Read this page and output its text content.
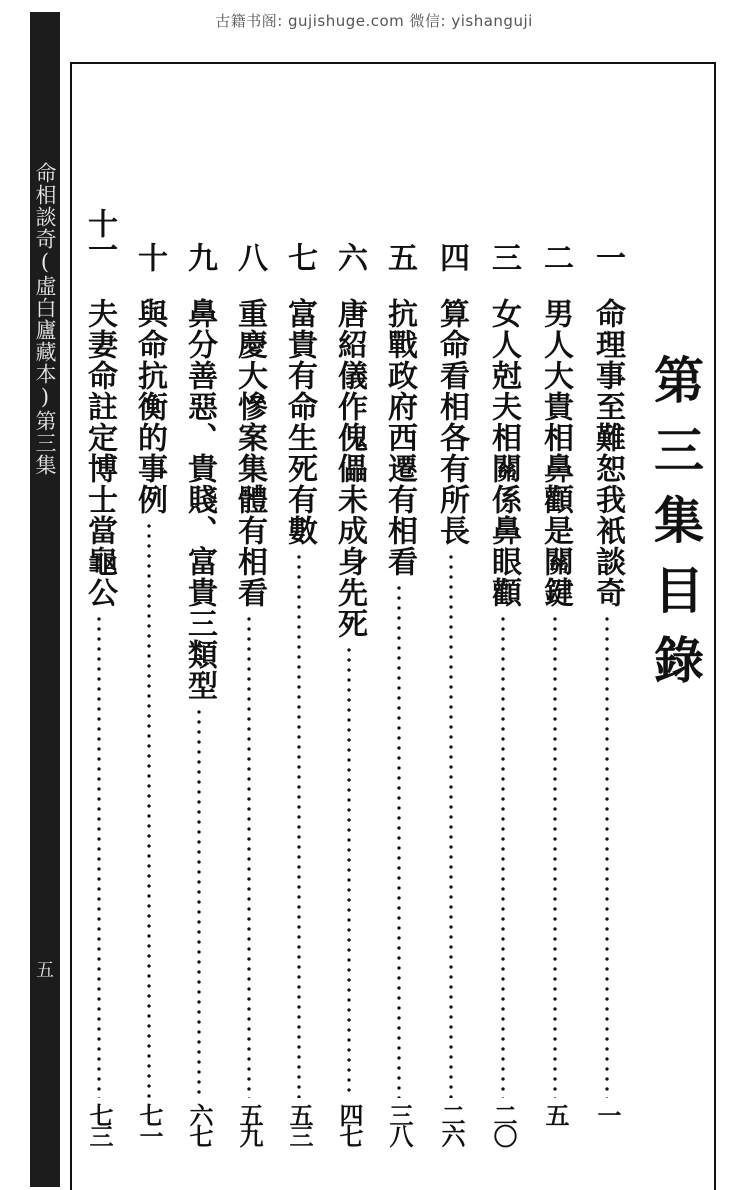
古籍书阁: gujishuge.com 微信: yishanguji
命相談奇(虛白廬藏本)第三集
五
第三集目錄
一
命理事至難恕我衹談奇
一
二
男人大貴相鼻顴是關鍵
五
三
女人尅夫相關係鼻眼顴
二〇
四
算命看相各有所長
二六
五
抗戰政府西遷有相看
三八
六
唐紹儀作傀儡未成身先死
四七
七
富貴有命生死有數
五三
八
重慶大慘案集體有相看
五九
九
鼻分善惡、貴賤、富貴三類型
六七
十
與命抗衡的事例
七一
十一
夫妻命註定博士當龜公
七三
